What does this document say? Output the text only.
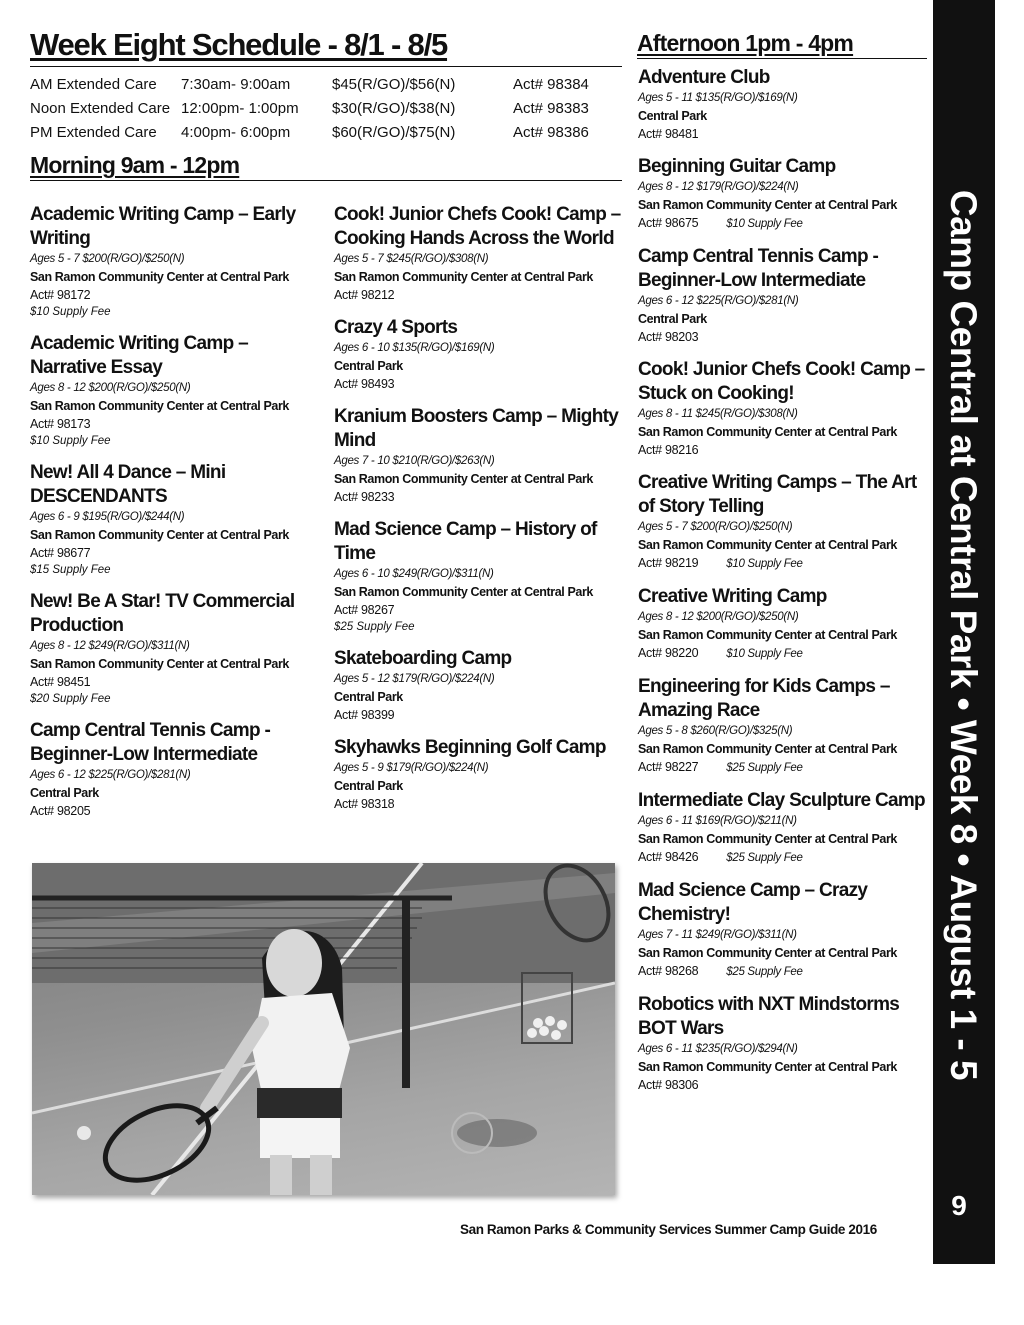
Week Eight Schedule - 8/1 - 8/5
AM Extended Care	7:30am- 9:00am	$45(R/GO)/$56(N)	Act# 98384
Noon Extended Care	12:00pm- 1:00pm	$30(R/GO)/$38(N)	Act# 98383
PM Extended Care	4:00pm- 6:00pm	$60(R/GO)/$75(N)	Act# 98386
Morning 9am - 12pm
Afternoon 1pm - 4pm
Academic Writing Camp – Early Writing
Ages 5 - 7 $200(R/GO)/$250(N)
San Ramon Community Center at Central Park
Act# 98172
$10 Supply Fee
Academic Writing Camp – Narrative Essay
Ages 8 - 12 $200(R/GO)/$250(N)
San Ramon Community Center at Central Park
Act# 98173
$10 Supply Fee
New! All 4 Dance – Mini DESCENDANTS
Ages 6 - 9 $195(R/GO)/$244(N)
San Ramon Community Center at Central Park
Act# 98677
$15 Supply Fee
New! Be A Star! TV Commercial Production
Ages 8 - 12 $249(R/GO)/$311(N)
San Ramon Community Center at Central Park
Act# 98451
$20 Supply Fee
Camp Central Tennis Camp - Beginner-Low Intermediate
Ages 6 - 12 $225(R/GO)/$281(N)
Central Park
Act# 98205
Cook! Junior Chefs Cook! Camp – Cooking Hands Across the World
Ages 5 - 7 $245(R/GO)/$308(N)
San Ramon Community Center at Central Park
Act# 98212
Crazy 4 Sports
Ages 6 - 10 $135(R/GO)/$169(N)
Central Park
Act# 98493
Kranium Boosters Camp – Mighty Mind
Ages 7 - 10 $210(R/GO)/$263(N)
San Ramon Community Center at Central Park
Act# 98233
Mad Science Camp – History of Time
Ages 6 - 10 $249(R/GO)/$311(N)
San Ramon Community Center at Central Park
Act# 98267
$25 Supply Fee
Skateboarding Camp
Ages 5 - 12 $179(R/GO)/$224(N)
Central Park
Act# 98399
Skyhawks Beginning Golf Camp
Ages 5 - 9 $179(R/GO)/$224(N)
Central Park
Act# 98318
Adventure Club
Ages 5 - 11 $135(R/GO)/$169(N)
Central Park
Act# 98481
Beginning Guitar Camp
Ages 8 - 12 $179(R/GO)/$224(N)
San Ramon Community Center at Central Park
Act# 98675 $10 Supply Fee
Camp Central Tennis Camp - Beginner-Low Intermediate
Ages 6 - 12 $225(R/GO)/$281(N)
Central Park
Act# 98203
Cook! Junior Chefs Cook! Camp – Stuck on Cooking!
Ages 8 - 11 $245(R/GO)/$308(N)
San Ramon Community Center at Central Park
Act# 98216
Creative Writing Camps – The Art of Story Telling
Ages 5 - 7 $200(R/GO)/$250(N)
San Ramon Community Center at Central Park
Act# 98219 $10 Supply Fee
Creative Writing Camp
Ages 8 - 12 $200(R/GO)/$250(N)
San Ramon Community Center at Central Park
Act# 98220 $10 Supply Fee
Engineering for Kids Camps – Amazing Race
Ages 5 - 8 $260(R/GO)/$325(N)
San Ramon Community Center at Central Park
Act# 98227 $25 Supply Fee
Intermediate Clay Sculpture Camp
Ages 6 - 11 $169(R/GO)/$211(N)
San Ramon Community Center at Central Park
Act# 98426 $25 Supply Fee
Mad Science Camp – Crazy Chemistry!
Ages 7 - 11 $249(R/GO)/$311(N)
San Ramon Community Center at Central Park
Act# 98268 $25 Supply Fee
Robotics with NXT Mindstorms BOT Wars
Ages 6 - 11 $235(R/GO)/$294(N)
San Ramon Community Center at Central Park
Act# 98306
Camp Central at Central Park • Week 8 • August 1 - 5
9
San Ramon Parks & Community Services Summer Camp Guide 2016
